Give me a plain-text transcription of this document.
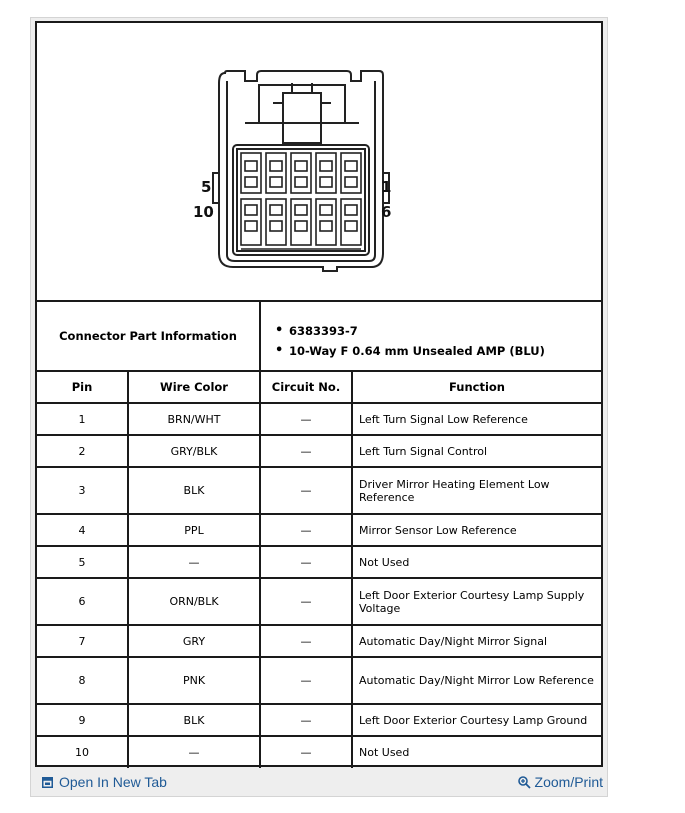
5
10
1
6
Connector Part Information	• 6383393-7
• 10-Way F 0.64 mm Unsealed AMP (BLU)
Pin	Wire Color	Circuit No.	Function
1	BRN/WHT	—	Left Turn Signal Low Reference
2	GRY/BLK	—	Left Turn Signal Control
3	BLK	—	Driver Mirror Heating Element Low Reference
4	PPL	—	Mirror Sensor Low Reference
5	—	—	Not Used
6	ORN/BLK	—	Left Door Exterior Courtesy Lamp Supply Voltage
7	GRY	—	Automatic Day/Night Mirror Signal
8	PNK	—	Automatic Day/Night Mirror Low Reference
9	BLK	—	Left Door Exterior Courtesy Lamp Ground
10	—	—	Not Used
Open In New Tab	Zoom/Print
